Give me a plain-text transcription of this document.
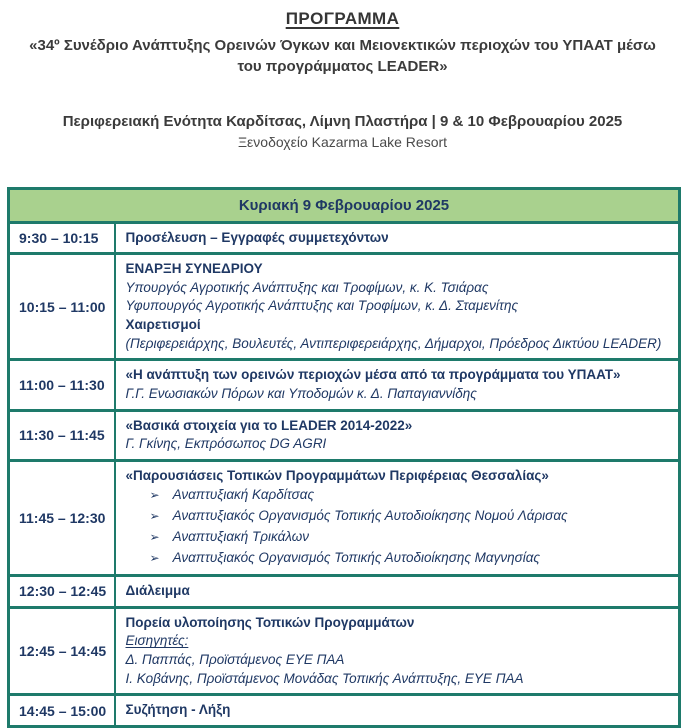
ΠΡΟΓΡΑΜΜΑ
«34º Συνέδριο Ανάπτυξης Ορεινών Όγκων και Μειονεκτικών περιοχών του ΥΠΑΑΤ μέσω του προγράμματος LEADER»

Περιφερειακή Ενότητα Καρδίτσας, Λίμνη Πλαστήρα | 9 & 10 Φεβρουαρίου 2025

Ξενοδοχείο Kazarma Lake Resort

Κυριακή 9 Φεβρουαρίου 2025	
9:30 – 10:15	Προσέλευση – Εγγραφές συμμετεχόντων

10:15 – 11:00	ΕΝΑΡΞΗ ΣΥΝΕΔΡΙΟΥ
Υπουργός Αγροτικής Ανάπτυξης και Τροφίμων, κ. Κ. Τσιάρας
Υφυπουργός Αγροτικής Ανάπτυξης και Τροφίμων, κ. Δ. Σταμενίτης
Χαιρετισμοί
(Περιφερειάρχης, Βουλευτές, Αντιπεριφερειάρχης, Δήμαρχοι, Πρόεδρος Δικτύου LEADER)

11:00 – 11:30	«Η ανάπτυξη των ορεινών περιοχών μέσα από τα προγράμματα του ΥΠΑΑΤ»
Γ.Γ. Ενωσιακών Πόρων και Υποδομών κ. Δ. Παπαγιαννίδης

11:30 – 11:45	«Βασικά στοιχεία για το LEADER 2014-2022»
Γ. Γκίνης, Εκπρόσωπος DG AGRI

11:45 – 12:30	
«Παρουσιάσεις Τοπικών Προγραμμάτων Περιφέρειας Θεσσαλίας»
➢ Αναπτυξιακή Καρδίτσας
➢ Αναπτυξιακός Οργανισμός Τοπικής Αυτοδιοίκησης Νομού Λάρισας
➢ Αναπτυξιακή Τρικάλων
➢ Αναπτυξιακός Οργανισμός Τοπικής Αυτοδιοίκησης Μαγνησίας

12:30 – 12:45	Διάλειμμα

12:45 – 14:45	Πορεία υλοποίησης Τοπικών Προγραμμάτων
Εισηγητές:
Δ. Παππάς, Προϊστάμενος ΕΥΕ ΠΑΑ
Ι. Κοβάνης, Προϊστάμενος Μονάδας Τοπικής Ανάπτυξης, ΕΥΕ ΠΑΑ

14:45 – 15:00	Συζήτηση - Λήξη
